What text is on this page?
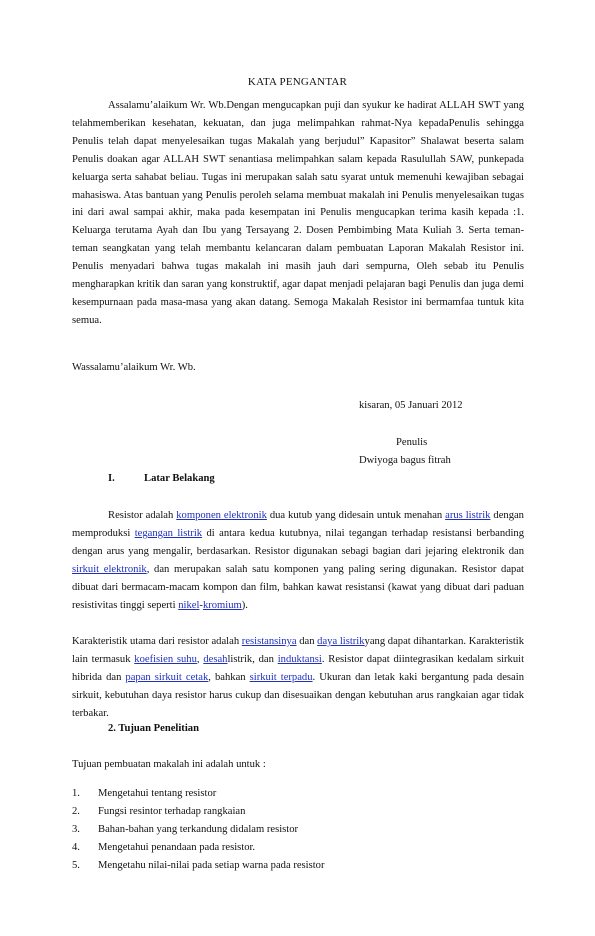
KATA PENGANTAR

Assalamu’alaikum Wr. Wb.Dengan mengucapkan puji dan syukur ke hadirat ALLAH SWT yang telahmemberikan kesehatan, kekuatan, dan juga melimpahkan rahmat-Nya kepadaPenulis sehingga Penulis telah dapat menyelesaikan tugas Makalah yang berjudul” Kapasitor” Shalawat beserta salam Penulis doakan agar ALLAH SWT senantiasa melimpahkan salam kepada Rasulullah SAW, punkepada keluarga serta sahabat beliau. Tugas ini merupakan salah satu syarat untuk memenuhi kewajiban sebagai mahasiswa. Atas bantuan yang Penulis peroleh selama membuat makalah ini Penulis menyelesaikan tugas ini dari awal sampai akhir, maka pada kesempatan ini Penulis mengucapkan terima kasih kepada :1. Keluarga terutama Ayah dan Ibu yang Tersayang 2. Dosen Pembimbing Mata Kuliah 3. Serta teman-teman seangkatan yang telah membantu kelancaran dalam pembuatan Laporan Makalah Resistor ini. Penulis menyadari bahwa tugas makalah ini masih jauh dari sempurna, Oleh sebab itu Penulis mengharapkan kritik dan saran yang konstruktif, agar dapat menjadi pelajaran bagi Penulis dan juga demi kesempurnaan pada masa-masa yang akan datang. Semoga Makalah Resistor ini bermamfaa tuntuk kita semua.

Wassalamu’alaikum Wr. Wb.
kisaran, 05 Januari 2012
Penulis
Dwiyoga bagus fitrah
I.	Latar Belakang

Resistor adalah komponen elektronik dua kutub yang didesain untuk menahan arus listrik dengan memproduksi tegangan listrik di antara kedua kutubnya, nilai tegangan terhadap resistansi berbanding dengan arus yang mengalir, berdasarkan. Resistor digunakan sebagi bagian dari jejaring elektronik dan sirkuit elektronik, dan merupakan salah satu komponen yang paling sering digunakan. Resistor dapat dibuat dari bermacam-macam kompon dan film, bahkan kawat resistansi (kawat yang dibuat dari paduan resistivitas tinggi seperti nikel-kromium).

Karakteristik utama dari resistor adalah resistansinya dan daya listrikyang dapat dihantarkan. Karakteristik lain termasuk koefisien suhu, desahlistrik, dan induktansi. Resistor dapat diintegrasikan kedalam sirkuit hibrida dan papan sirkuit cetak, bahkan sirkuit terpadu. Ukuran dan letak kaki bergantung pada desain sirkuit, kebutuhan daya resistor harus cukup dan disesuaikan dengan kebutuhan arus rangkaian agar tidak terbakar.

2. Tujuan Penelitian
Tujuan pembuatan makalah ini adalah untuk :
1. Mengetahui tentang resistor
2. Fungsi resintor terhadap rangkaian
3. Bahan-bahan yang terkandung didalam resistor
4. Mengetahui penandaan pada resistor.
5. Mengetahu nilai-nilai pada setiap warna pada resistor
